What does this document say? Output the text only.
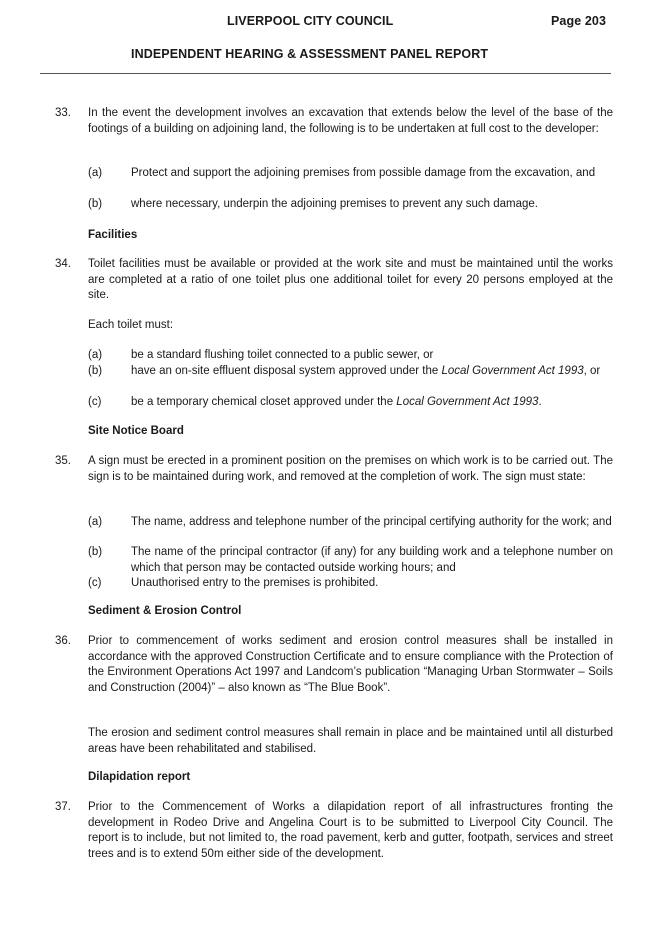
LIVERPOOL CITY COUNCIL	Page 203
INDEPENDENT HEARING & ASSESSMENT PANEL REPORT
33. In the event the development involves an excavation that extends below the level of the base of the footings of a building on adjoining land, the following is to be undertaken at full cost to the developer:
(a)	Protect and support the adjoining premises from possible damage from the excavation, and
(b)	where necessary, underpin the adjoining premises to prevent any such damage.
Facilities
34. Toilet facilities must be available or provided at the work site and must be maintained until the works are completed at a ratio of one toilet plus one additional toilet for every 20 persons employed at the site.
Each toilet must:
(a)	be a standard flushing toilet connected to a public sewer, or
(b)	have an on-site effluent disposal system approved under the Local Government Act 1993, or
(c)	be a temporary chemical closet approved under the Local Government Act 1993.
Site Notice Board
35. A sign must be erected in a prominent position on the premises on which work is to be carried out. The sign is to be maintained during work, and removed at the completion of work. The sign must state:
(a)	The name, address and telephone number of the principal certifying authority for the work; and
(b)	The name of the principal contractor (if any) for any building work and a telephone number on which that person may be contacted outside working hours; and
(c)	Unauthorised entry to the premises is prohibited.
Sediment & Erosion Control
36. Prior to commencement of works sediment and erosion control measures shall be installed in accordance with the approved Construction Certificate and to ensure compliance with the Protection of the Environment Operations Act 1997 and Landcom’s publication “Managing Urban Stormwater – Soils and Construction (2004)” – also known as “The Blue Book”.
The erosion and sediment control measures shall remain in place and be maintained until all disturbed areas have been rehabilitated and stabilised.
Dilapidation report
37. Prior to the Commencement of Works a dilapidation report of all infrastructures fronting the development in Rodeo Drive and Angelina Court is to be submitted to Liverpool City Council. The report is to include, but not limited to, the road pavement, kerb and gutter, footpath, services and street trees and is to extend 50m either side of the development.
